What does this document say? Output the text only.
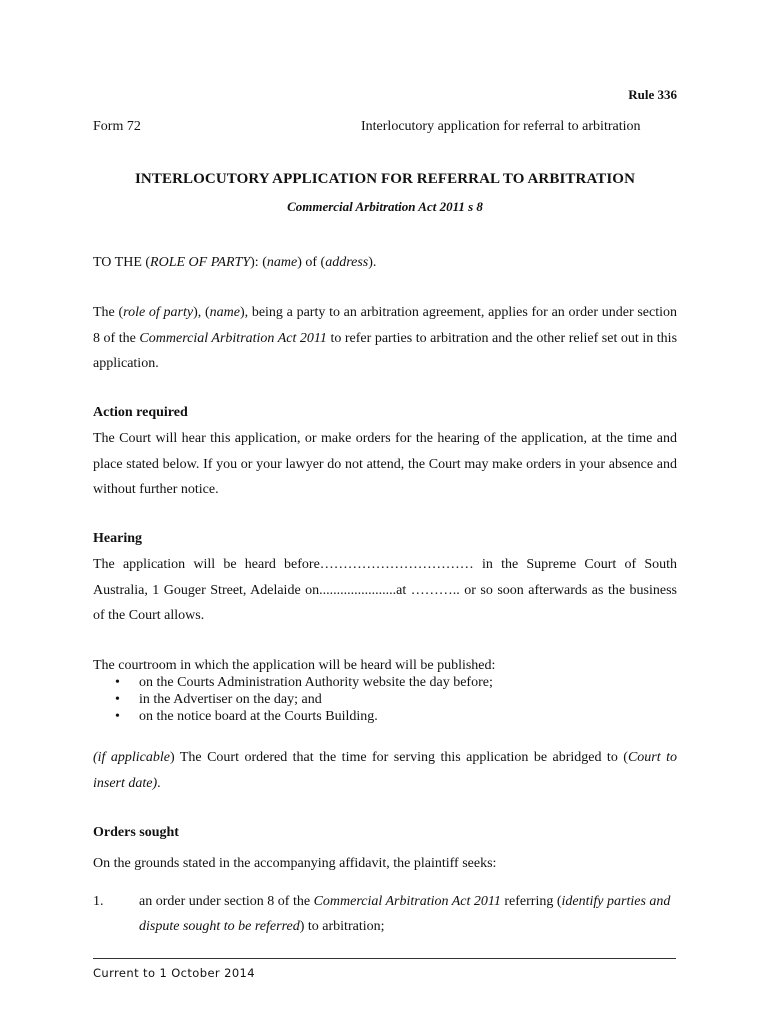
Rule 336
Form 72	Interlocutory application for referral to arbitration
INTERLOCUTORY APPLICATION FOR REFERRAL TO ARBITRATION
Commercial Arbitration Act 2011 s 8
TO THE (ROLE OF PARTY): (name) of (address).
The (role of party), (name), being a party to an arbitration agreement, applies for an order under section 8 of the Commercial Arbitration Act 2011 to refer parties to arbitration and the other relief set out in this application.
Action required
The Court will hear this application, or make orders for the hearing of the application, at the time and place stated below. If you or your lawyer do not attend, the Court may make orders in your absence and without further notice.
Hearing
The application will be heard before…………………………… in the Supreme Court of South Australia, 1 Gouger Street, Adelaide on......................at ……….. or so soon afterwards as the business of the Court allows.
The courtroom in which the application will be heard will be published:
• on the Courts Administration Authority website the day before;
• in the Advertiser on the day; and
• on the notice board at the Courts Building.
(if applicable) The Court ordered that the time for serving this application be abridged to (Court to insert date).
Orders sought
On the grounds stated in the accompanying affidavit, the plaintiff seeks:
1.	an order under section 8 of the Commercial Arbitration Act 2011 referring (identify parties and dispute sought to be referred) to arbitration;
Current to 1 October 2014
